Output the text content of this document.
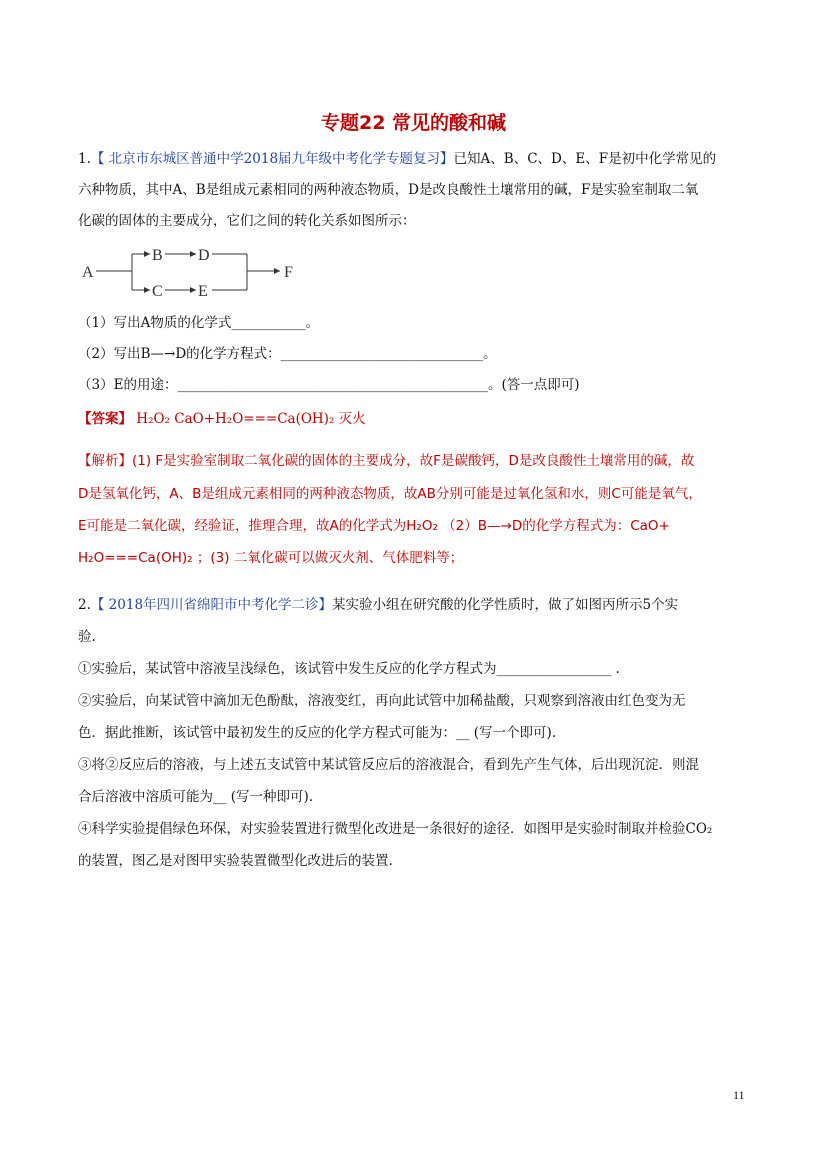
专题22 常见的酸和碱
1.【 北京市东城区普通中学2018届九年级中考化学专题复习】已知A、B、C、D、E、F是初中化学常见的
六种物质，其中A、B是组成元素相同的两种液态物质，D是改良酸性土壤常用的碱，F是实验室制取二氧
化碳的固体的主要成分，它们之间的转化关系如图所示：
A
B
C
D
E
F
（1）写出A物质的化学式___________。
（2）写出B—→D的化学方程式：______________________________。
（3）E的用途：______________________________________________。(答一点即可)
【答案】 H₂O₂ CaO+H₂O===Ca(OH)₂ 灭火
【解析】(1) F是实验室制取二氧化碳的固体的主要成分，故F是碳酸钙，D是改良酸性土壤常用的碱，故
D是氢氧化钙，A、B是组成元素相同的两种液态物质，故AB分别可能是过氧化氢和水，则C可能是氧气，
E可能是二氧化碳，经验证，推理合理，故A的化学式为H₂O₂ （2）B—→D的化学方程式为：CaO+
H₂O===Ca(OH)₂ ；(3) 二氧化碳可以做灭火剂、气体肥料等；
2.【 2018年四川省绵阳市中考化学二诊】某实验小组在研究酸的化学性质时，做了如图丙所示5个实
验.
①实验后，某试管中溶液呈浅绿色，该试管中发生反应的化学方程式为_________________ .
②实验后，向某试管中滴加无色酚酞，溶液变红，再向此试管中加稀盐酸，只观察到溶液由红色变为无
色．据此推断，该试管中最初发生的反应的化学方程式可能为：__ (写一个即可).
③将②反应后的溶液，与上述五支试管中某试管反应后的溶液混合，看到先产生气体，后出现沉淀．则混
合后溶液中溶质可能为__ (写一种即可).
④科学实验提倡绿色环保，对实验装置进行微型化改进是一条很好的途径．如图甲是实验时制取并检验CO₂
的装置，图乙是对图甲实验装置微型化改进后的装置.
11
